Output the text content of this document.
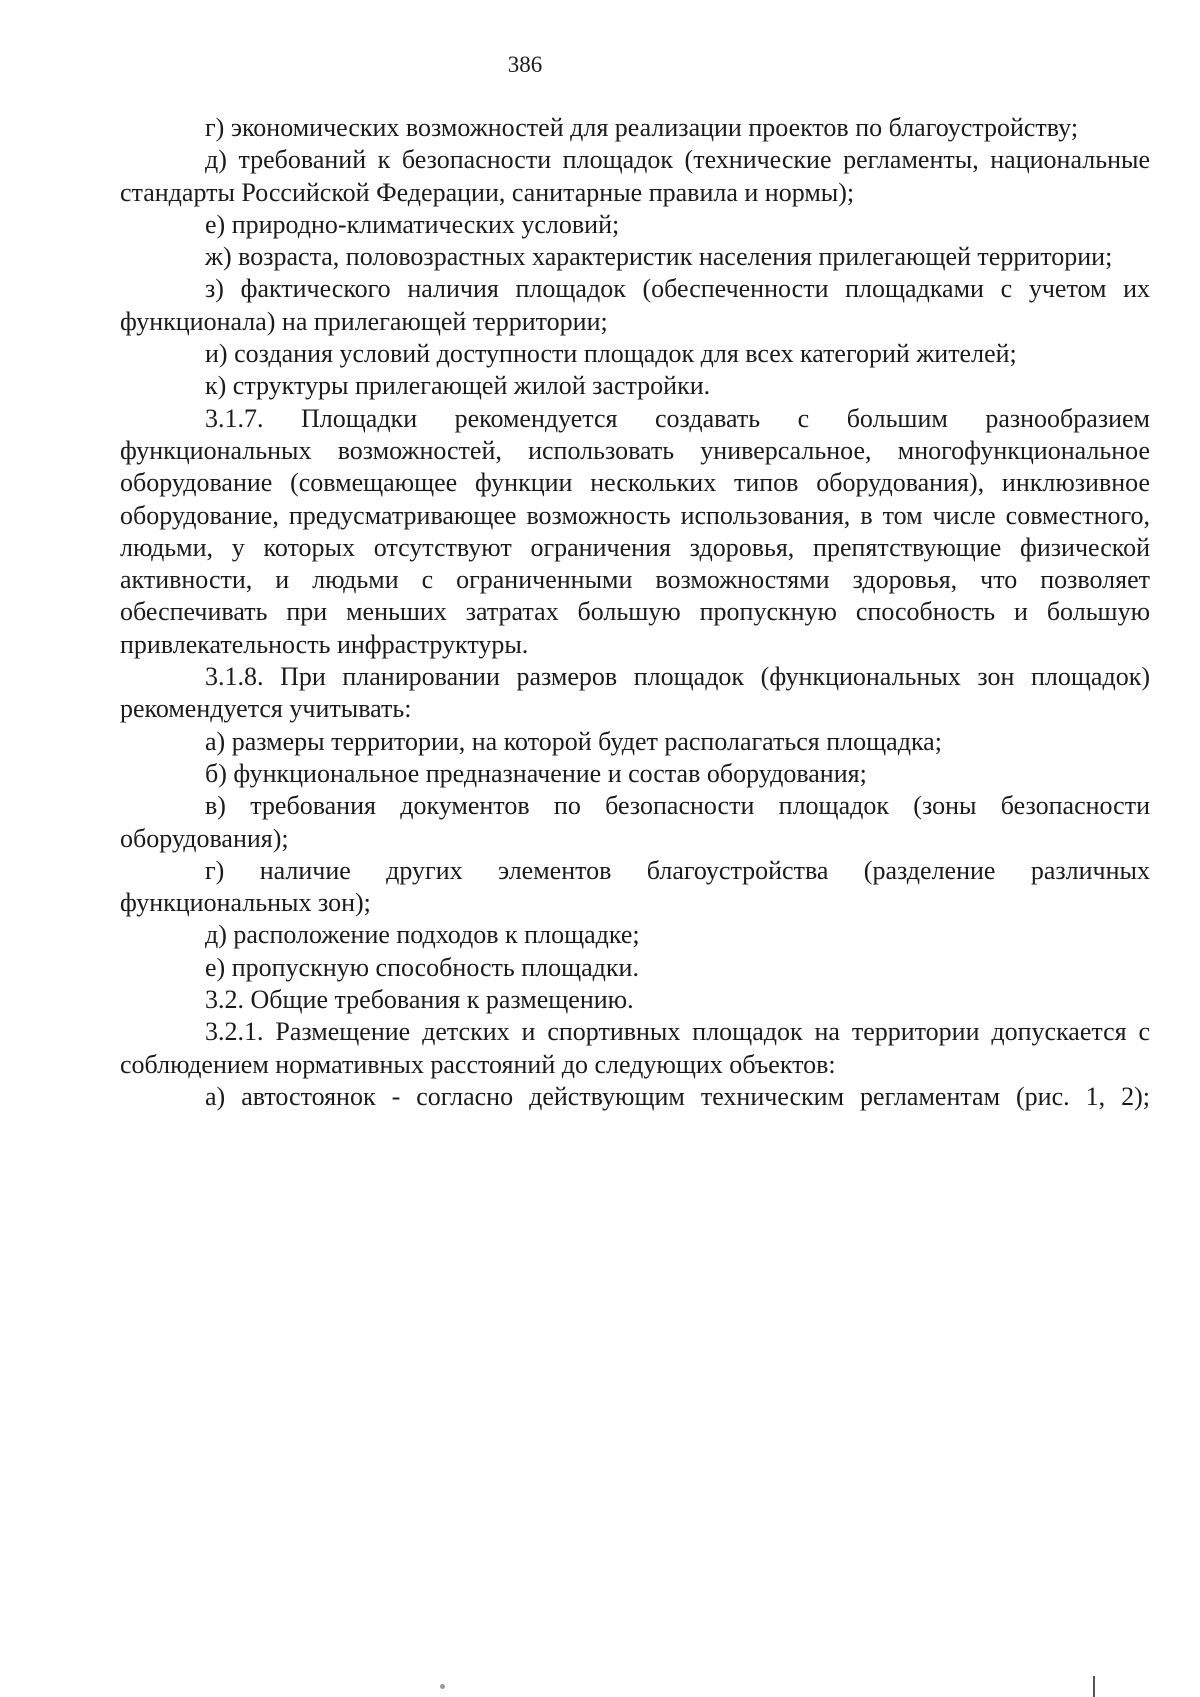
386

г) экономических возможностей для реализации проектов по благоустройству;

д) требований к безопасности площадок (технические регламенты, национальные стандарты Российской Федерации, санитарные правила и нормы);

е) природно-климатических условий;

ж) возраста, половозрастных характеристик населения прилегающей территории;

з) фактического наличия площадок (обеспеченности площадками с учетом их функционала) на прилегающей территории;

и) создания условий доступности площадок для всех категорий жителей;

к) структуры прилегающей жилой застройки.

3.1.7. Площадки рекомендуется создавать с большим разнообразием функциональных возможностей, использовать универсальное, многофункциональное оборудование (совмещающее функции нескольких типов оборудования), инклюзивное оборудование, предусматривающее возможность использования, в том числе совместного, людьми, у которых отсутствуют ограничения здоровья, препятствующие физической активности, и людьми с ограниченными возможностями здоровья, что позволяет обеспечивать при меньших затратах большую пропускную способность и большую привлекательность инфраструктуры.

3.1.8. При планировании размеров площадок (функциональных зон площадок) рекомендуется учитывать:

а) размеры территории, на которой будет располагаться площадка;

б) функциональное предназначение и состав оборудования;

в) требования документов по безопасности площадок (зоны безопасности оборудования);

г) наличие других элементов благоустройства (разделение различных функциональных зон);

д) расположение подходов к площадке;

е) пропускную способность площадки.

3.2. Общие требования к размещению.

3.2.1. Размещение детских и спортивных площадок на территории допускается с соблюдением нормативных расстояний до следующих объектов:

а) автостоянок - согласно действующим техническим регламентам (рис. 1, 2);
